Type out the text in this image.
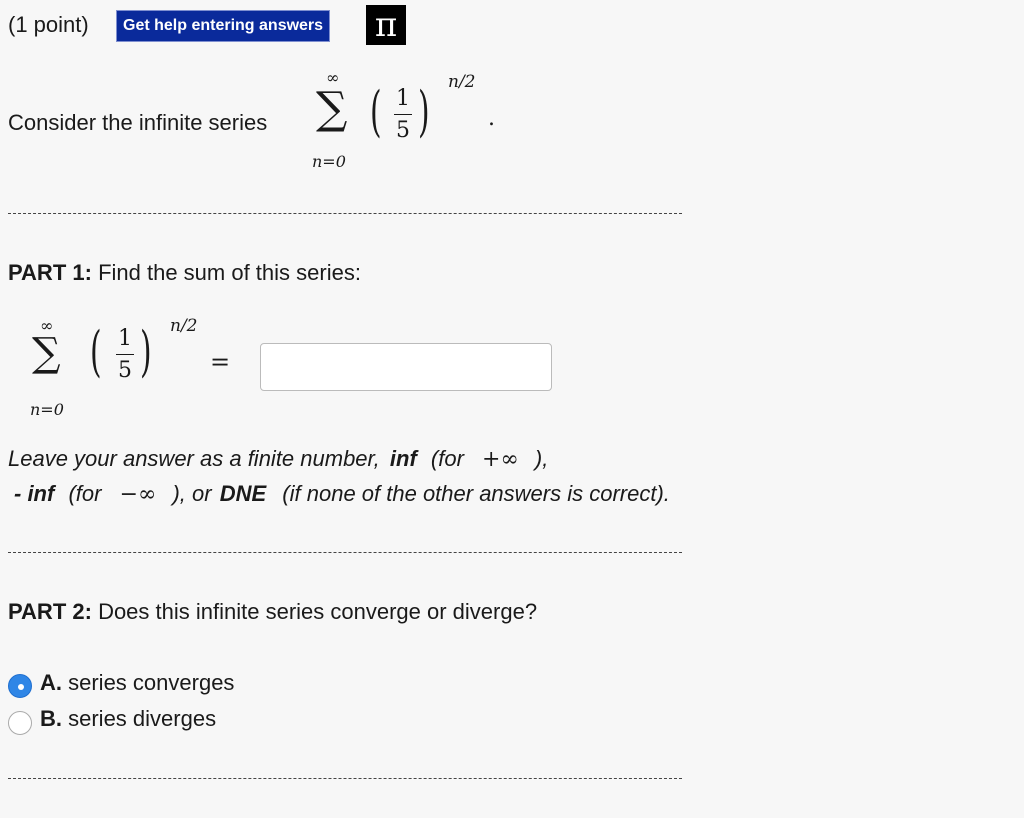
(1 point)	Get help entering answers π
Consider the infinite series
∞
∑
n=0
( 1
5 ) n/2
.
PART 1: Find the sum of this series:
∞
∑
n=0
( 1
5 ) n/2
=
Leave your answer as a finite number, inf (for +∞ ),
- inf (for −∞ ), or DNE (if none of the other answers is correct).
PART 2: Does this infinite series converge or diverge?
A. series converges
B. series diverges
